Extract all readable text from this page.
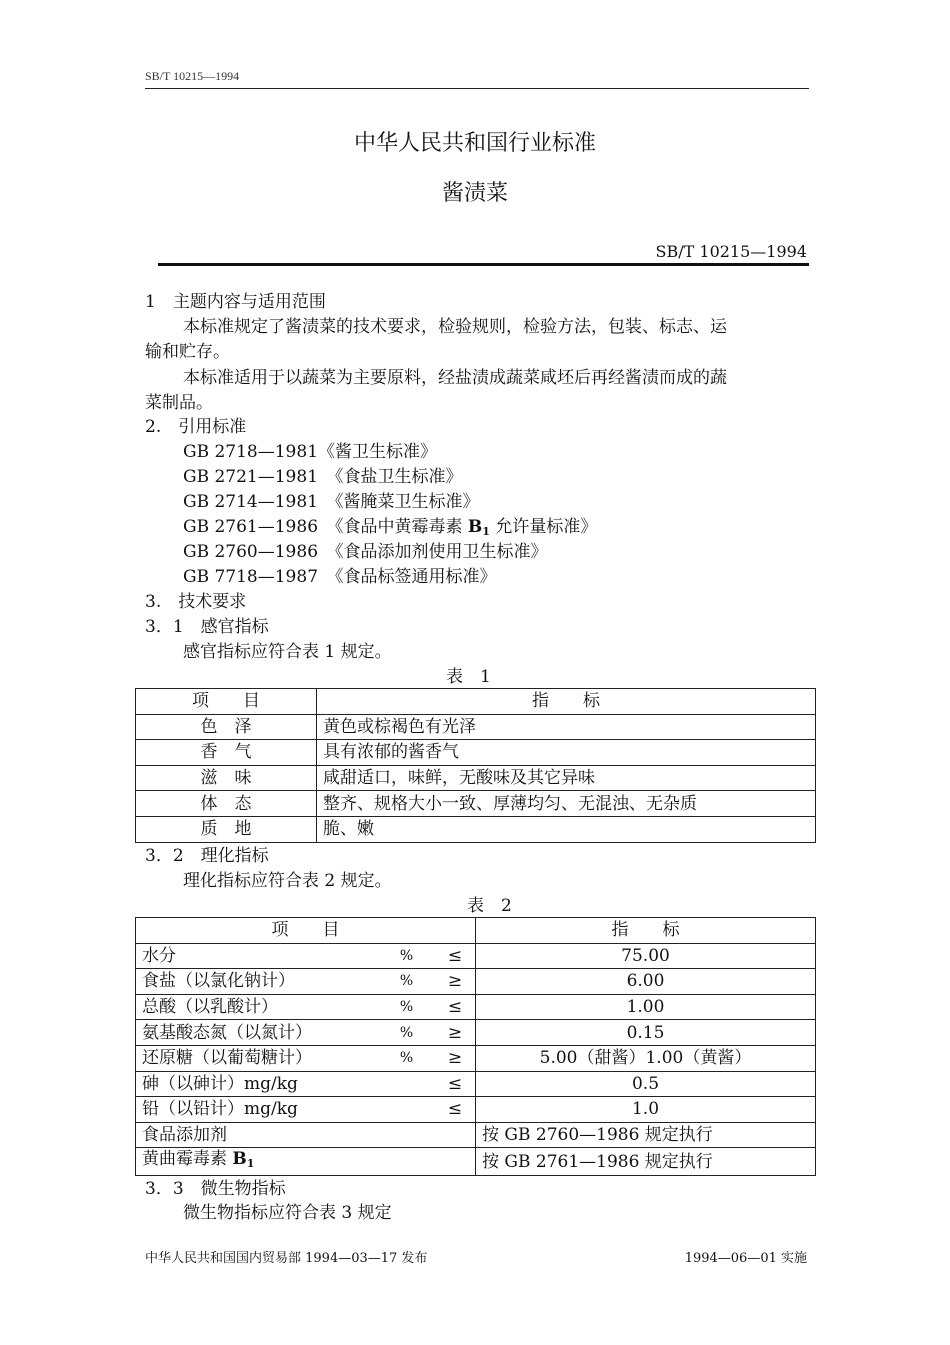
SB/T 10215—1994
中华人民共和国行业标准
酱渍菜
SB/T 10215—1994
1　主题内容与适用范围
本标准规定了酱渍菜的技术要求，检验规则，检验方法，包装、标志、运
输和贮存。
本标准适用于以蔬菜为主要原料，经盐渍成蔬菜咸坯后再经酱渍而成的蔬
菜制品。
2.　引用标准
GB 2718—1981《酱卫生标准》
GB 2721—1981　 《食盐卫生标准》
GB 2714—1981　 《酱腌菜卫生标准》
GB 2761—1986　 《食品中黄霉毒素 $B_1$ 允许量标准》
GB 2760—1986　 《食品添加剂使用卫生标准》
GB 7718—1987　 《食品标签通用标准》
3.　技术要求
3．1　感官指标
感官指标应符合表 1 规定。
表　1
项　　目	指　　标
色　泽	黄色或棕褐色有光泽
香　气	具有浓郁的酱香气
滋　味	咸甜适口，味鲜，无酸味及其它异味
体　态	整齐、规格大小一致、厚薄均匀、无混浊、无杂质
质　地	脆、嫩
3．2　理化指标
理化指标应符合表 2 规定。
表　2
项　　目			指　　标
水分	%	≤	75.00
食盐（以氯化钠计）	%	≥	6.00
总酸（以乳酸计）	%	≤	1.00
氨基酸态氮（以氮计）	%	≥	0.15
还原糖（以葡萄糖计）	%	≥	5.00（甜酱）1.00（黄酱）
砷（以砷计）mg/kg		≤	0.5
铅（以铅计）mg/kg		≤	1.0
食品添加剂			按 GB 2760—1986 规定执行
黄曲霉毒素 $B_1$			按 GB 2761—1986 规定执行
3．3　微生物指标
微生物指标应符合表 3 规定
中华人民共和国国内贸易部 1994—03—17 发布	1994—06—01 实施
